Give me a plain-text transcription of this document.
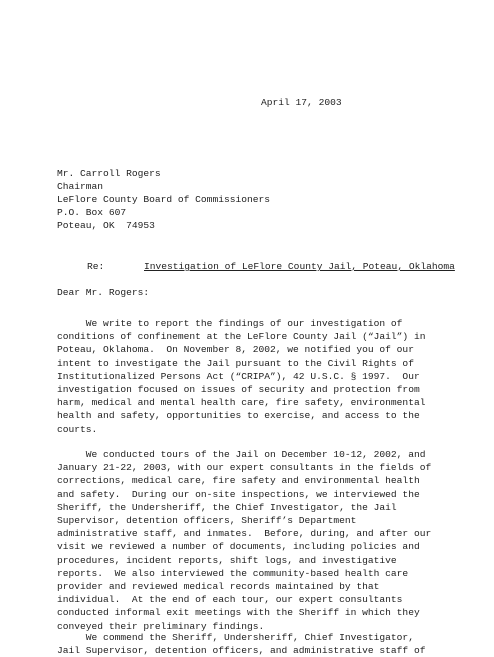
April 17, 2003
Mr. Carroll Rogers
Chairman
LeFlore County Board of Commissioners
P.O. Box 607
Poteau, OK  74953
Re:	Investigation of LeFlore County Jail, Poteau, Oklahoma
Dear Mr. Rogers:
We write to report the findings of our investigation of
conditions of confinement at the LeFlore County Jail (“Jail”) in
Poteau, Oklahoma.  On November 8, 2002, we notified you of our
intent to investigate the Jail pursuant to the Civil Rights of
Institutionalized Persons Act (“CRIPA”), 42 U.S.C. § 1997.  Our
investigation focused on issues of security and protection from
harm, medical and mental health care, fire safety, environmental
health and safety, opportunities to exercise, and access to the
courts.
We conducted tours of the Jail on December 10-12, 2002, and
January 21-22, 2003, with our expert consultants in the fields of
corrections, medical care, fire safety and environmental health
and safety.  During our on-site inspections, we interviewed the
Sheriff, the Undersheriff, the Chief Investigator, the Jail
Supervisor, detention officers, Sheriff’s Department
administrative staff, and inmates.  Before, during, and after our
visit we reviewed a number of documents, including policies and
procedures, incident reports, shift logs, and investigative
reports.  We also interviewed the community-based health care
provider and reviewed medical records maintained by that
individual.  At the end of each tour, our expert consultants
conducted informal exit meetings with the Sheriff in which they
conveyed their preliminary findings.
We commend the Sheriff, Undersheriff, Chief Investigator,
Jail Supervisor, detention officers, and administrative staff of
